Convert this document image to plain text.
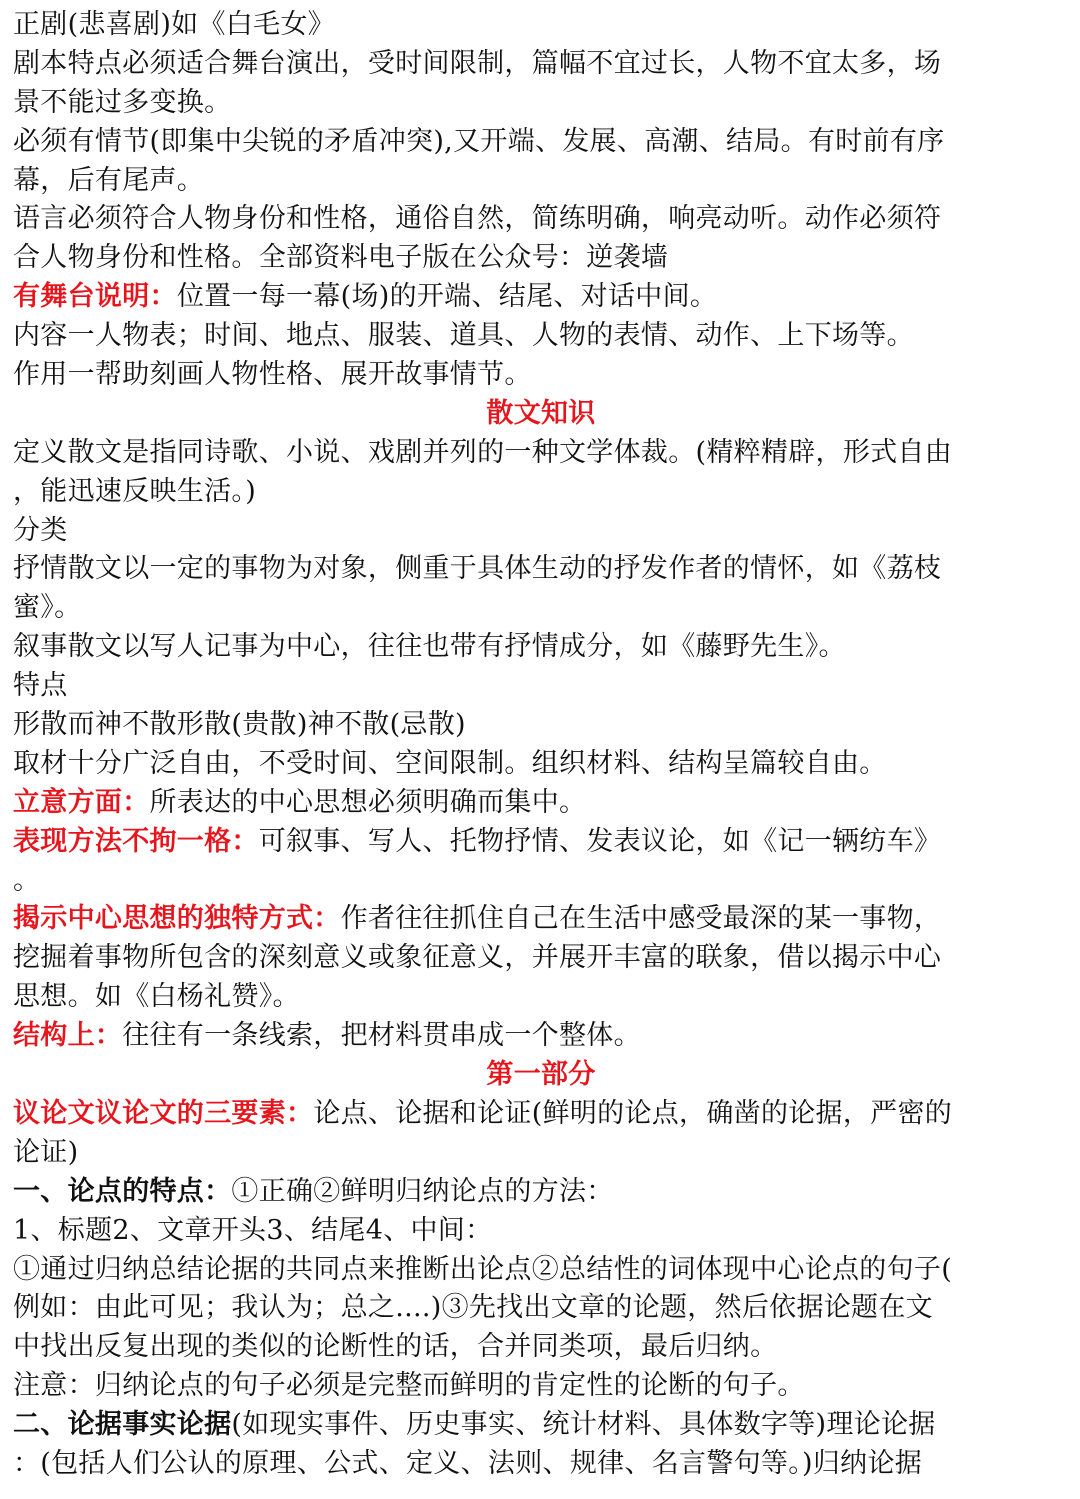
正剧(悲喜剧)如《白毛女》
剧本特点必须适合舞台演出，受时间限制，篇幅不宜过长，人物不宜太多，场
景不能过多变换。
必须有情节(即集中尖锐的矛盾冲突),又开端、发展、高潮、结局。有时前有序
幕，后有尾声。
语言必须符合人物身份和性格，通俗自然，简练明确，响亮动听。动作必须符
合人物身份和性格。全部资料电子版在公众号：逆袭墙
有舞台说明：位置一每一幕(场)的开端、结尾、对话中间。
内容一人物表；时间、地点、服装、道具、人物的表情、动作、上下场等。
作用一帮助刻画人物性格、展开故事情节。
散文知识
定义散文是指同诗歌、小说、戏剧并列的一种文学体裁。(精粹精辟，形式自由
，能迅速反映生活。)
分类
抒情散文以一定的事物为对象，侧重于具体生动的抒发作者的情怀，如《荔枝
蜜》。
叙事散文以写人记事为中心，往往也带有抒情成分，如《藤野先生》。
特点
形散而神不散形散(贵散)神不散(忌散)
取材十分广泛自由，不受时间、空间限制。组织材料、结构呈篇较自由。
立意方面：所表达的中心思想必须明确而集中。
表现方法不拘一格：可叙事、写人、托物抒情、发表议论，如《记一辆纺车》
。
揭示中心思想的独特方式：作者往往抓住自己在生活中感受最深的某一事物，
挖掘着事物所包含的深刻意义或象征意义，并展开丰富的联象，借以揭示中心
思想。如《白杨礼赞》。
结构上：往往有一条线索，把材料贯串成一个整体。
第一部分
议论文议论文的三要素：论点、论据和论证(鲜明的论点，确凿的论据，严密的
论证)
一、论点的特点：①正确②鲜明归纳论点的方法：
1、标题2、文章开头3、结尾4、中间：
①通过归纳总结论据的共同点来推断出论点②总结性的词体现中心论点的句子(
例如：由此可见；我认为；总之....)③先找出文章的论题，然后依据论题在文
中找出反复出现的类似的论断性的话，合并同类项，最后归纳。
注意：归纳论点的句子必须是完整而鲜明的肯定性的论断的句子。
二、论据事实论据(如现实事件、历史事实、统计材料、具体数字等)理论论据
：(包括人们公认的原理、公式、定义、法则、规律、名言警句等。)归纳论据
